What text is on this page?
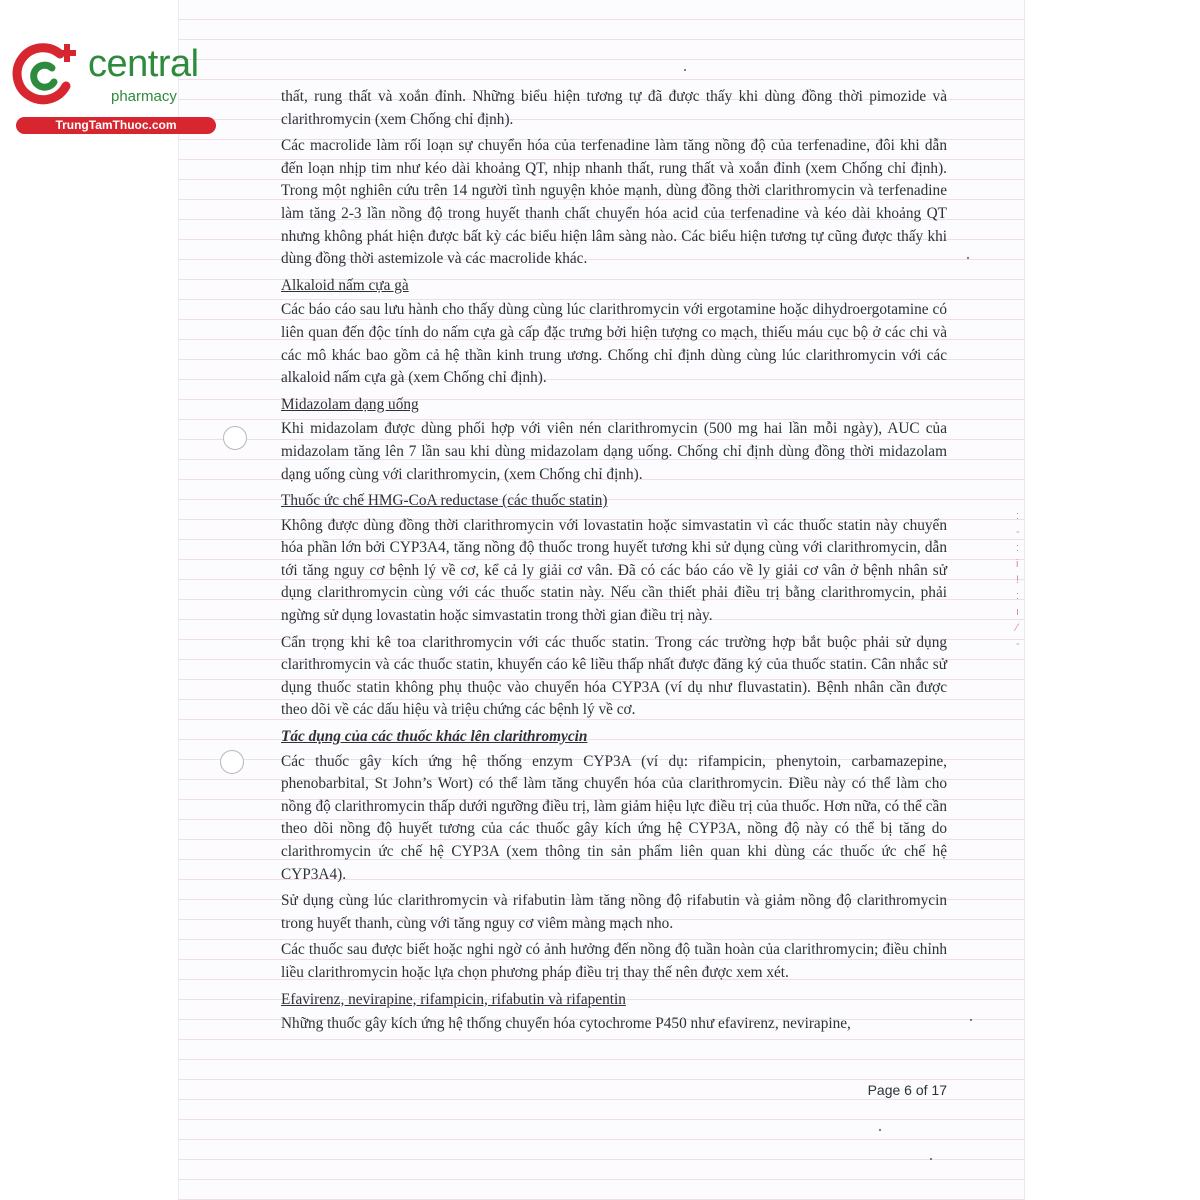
:
-
:
i
!
:
ı
⁄
-
central
pharmacy
TrungTamThuoc.com

thất, rung thất và xoắn đỉnh. Những biểu hiện tương tự đã được thấy khi dùng đồng thời pimozide và clarithromycin (xem Chống chỉ định).

Các macrolide làm rối loạn sự chuyển hóa của terfenadine làm tăng nồng độ của terfenadine, đôi khi dẫn đến loạn nhịp tim như kéo dài khoảng QT, nhịp nhanh thất, rung thất và xoắn đỉnh (xem Chống chỉ định). Trong một nghiên cứu trên 14 người tình nguyện khỏe mạnh, dùng đồng thời clarithromycin và terfenadine làm tăng 2-3 lần nồng độ trong huyết thanh chất chuyển hóa acid của terfenadine và kéo dài khoảng QT nhưng không phát hiện được bất kỳ các biểu hiện lâm sàng nào. Các biểu hiện tương tự cũng được thấy khi dùng đồng thời astemizole và các macrolide khác.

Alkaloid nấm cựa gà

Các báo cáo sau lưu hành cho thấy dùng cùng lúc clarithromycin với ergotamine hoặc dihydroergotamine có liên quan đến độc tính do nấm cựa gà cấp đặc trưng bởi hiện tượng co mạch, thiếu máu cục bộ ở các chi và các mô khác bao gồm cả hệ thần kinh trung ương. Chống chỉ định dùng cùng lúc clarithromycin với các alkaloid nấm cựa gà (xem Chống chỉ định).

Midazolam dạng uống

Khi midazolam được dùng phối hợp với viên nén clarithromycin (500 mg hai lần mỗi ngày), AUC của midazolam tăng lên 7 lần sau khi dùng midazolam dạng uống. Chống chỉ định dùng đồng thời midazolam dạng uống cùng với clarithromycin, (xem Chống chỉ định).

Thuốc ức chế HMG-CoA reductase (các thuốc statin)

Không được dùng đồng thời clarithromycin với lovastatin hoặc simvastatin vì các thuốc statin này chuyển hóa phần lớn bởi CYP3A4, tăng nồng độ thuốc trong huyết tương khi sử dụng cùng với clarithromycin, dẫn tới tăng nguy cơ bệnh lý về cơ, kể cả ly giải cơ vân. Đã có các báo cáo về ly giải cơ vân ở bệnh nhân sử dụng clarithromycin cùng với các thuốc statin này. Nếu cần thiết phải điều trị bằng clarithromycin, phải ngừng sử dụng lovastatin hoặc simvastatin trong thời gian điều trị này.

Cẩn trọng khi kê toa clarithromycin với các thuốc statin. Trong các trường hợp bắt buộc phải sử dụng clarithromycin và các thuốc statin, khuyến cáo kê liều thấp nhất được đăng ký của thuốc statin. Cân nhắc sử dụng thuốc statin không phụ thuộc vào chuyển hóa CYP3A (ví dụ như fluvastatin). Bệnh nhân cần được theo dõi về các dấu hiệu và triệu chứng các bệnh lý về cơ.

Tác dụng của các thuốc khác lên clarithromycin

Các thuốc gây kích ứng hệ thống enzym CYP3A (ví dụ: rifampicin, phenytoin, carbamazepine, phenobarbital, St John’s Wort) có thể làm tăng chuyển hóa của clarithromycin. Điều này có thể làm cho nồng độ clarithromycin thấp dưới ngưỡng điều trị, làm giảm hiệu lực điều trị của thuốc. Hơn nữa, có thể cần theo dõi nồng độ huyết tương của các thuốc gây kích ứng hệ CYP3A, nồng độ này có thể bị tăng do clarithromycin ức chế hệ CYP3A (xem thông tin sản phẩm liên quan khi dùng các thuốc ức chế hệ CYP3A4).

Sử dụng cùng lúc clarithromycin và rifabutin làm tăng nồng độ rifabutin và giảm nồng độ clarithromycin trong huyết thanh, cùng với tăng nguy cơ viêm màng mạch nho.

Các thuốc sau được biết hoặc nghi ngờ có ảnh hưởng đến nồng độ tuần hoàn của clarithromycin; điều chỉnh liều clarithromycin hoặc lựa chọn phương pháp điều trị thay thế nên được xem xét.

Efavirenz, nevirapine, rifampicin, rifabutin và rifapentin

Những thuốc gây kích ứng hệ thống chuyển hóa cytochrome P450 như efavirenz, nevirapine,

Page 6 of 17
